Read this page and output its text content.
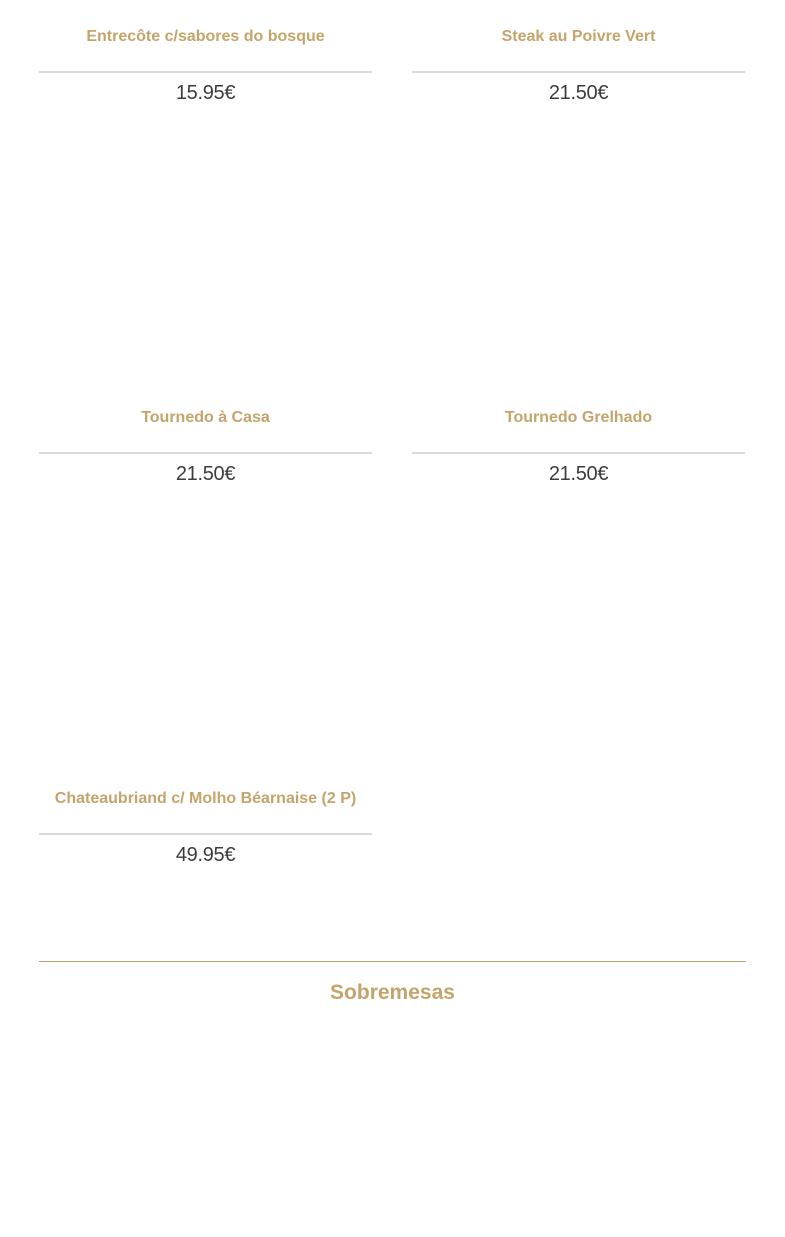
Entrecôte c/sabores do bosque
15.95€
Steak au Poivre Vert
21.50€
Tournedo à Casa
21.50€
Tournedo Grelhado
21.50€
Chateaubriand c/ Molho Béarnaise (2 P)
49.95€
Sobremesas
